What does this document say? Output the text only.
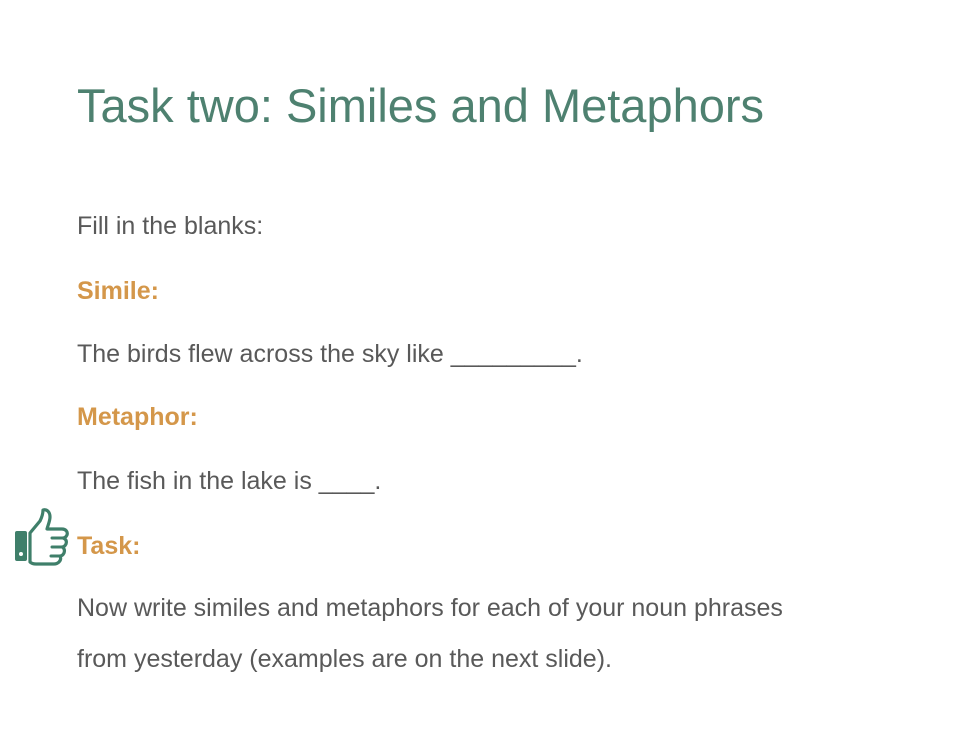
Task two: Similes and Metaphors
Fill in the blanks:
Simile:
The birds flew across the sky like _________.
Metaphor:
The fish in the lake is ____.
Task:
Now write similes and metaphors for each of your noun phrases
from yesterday (examples are on the next slide).
